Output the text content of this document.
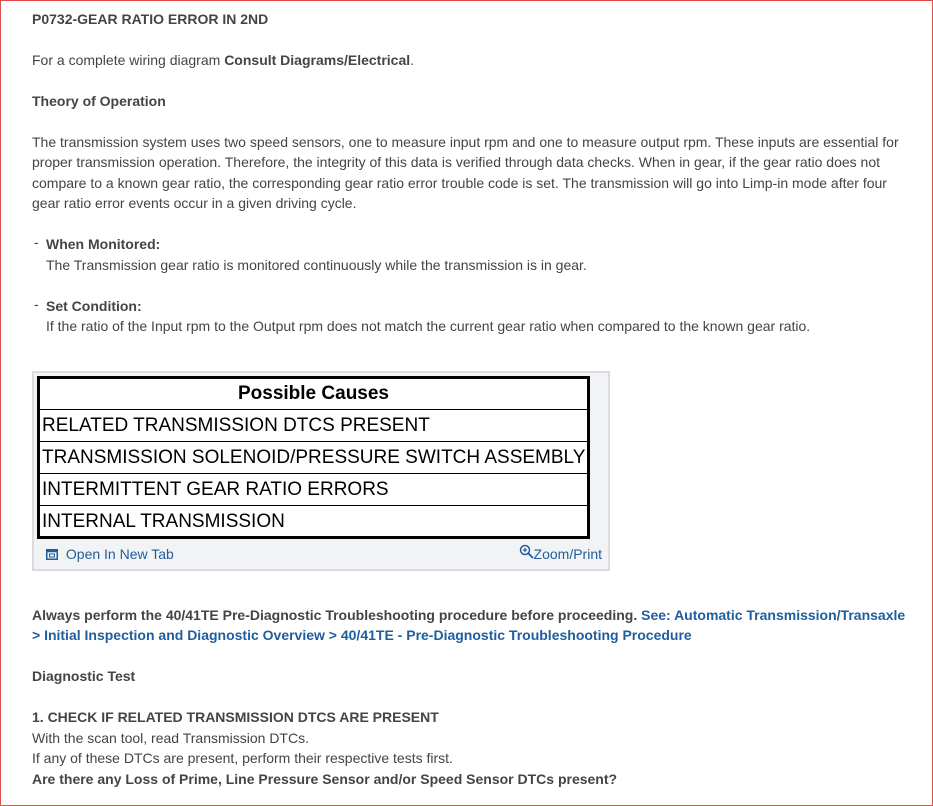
P0732-GEAR RATIO ERROR IN 2ND

For a complete wiring diagram Consult Diagrams/Electrical.

Theory of Operation

The transmission system uses two speed sensors, one to measure input rpm and one to measure output rpm. These inputs are essential for proper transmission operation. Therefore, the integrity of this data is verified through data checks. When in gear, if the gear ratio does not compare to a known gear ratio, the corresponding gear ratio error trouble code is set. The transmission will go into Limp-in mode after four gear ratio error events occur in a given driving cycle.

- When Monitored:

The Transmission gear ratio is monitored continuously while the transmission is in gear.

- Set Condition:

If the ratio of the Input rpm to the Output rpm does not match the current gear ratio when compared to the known gear ratio.

Possible Causes
RELATED TRANSMISSION DTCS PRESENT
TRANSMISSION SOLENOID/PRESSURE SWITCH ASSEMBLY
INTERMITTENT GEAR RATIO ERRORS
INTERNAL TRANSMISSION
Open In New Tab	Zoom/Print

Always perform the 40/41TE Pre-Diagnostic Troubleshooting procedure before proceeding. See: Automatic Transmission/Transaxle > Initial Inspection and Diagnostic Overview > 40/41TE - Pre-Diagnostic Troubleshooting Procedure

Diagnostic Test

1. CHECK IF RELATED TRANSMISSION DTCS ARE PRESENT

With the scan tool, read Transmission DTCs.

If any of these DTCs are present, perform their respective tests first.

Are there any Loss of Prime, Line Pressure Sensor and/or Speed Sensor DTCs present?
